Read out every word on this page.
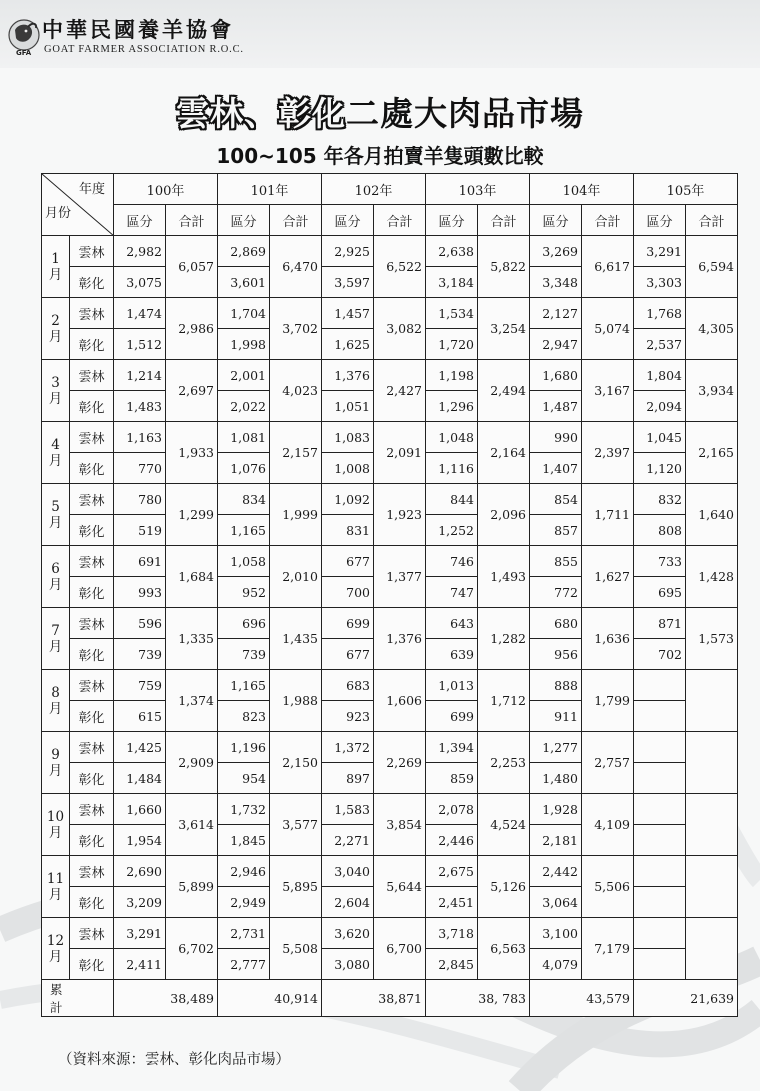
GFA
中華民國養羊協會
GOAT FARMER ASSOCIATION R.O.C.
雲林、彰化二處大肉品市場
100~105 年各月拍賣羊隻頭數比較
年度
月份		100年		101年		102年		103年		104年		105年	
		區分	合計	區分	合計	區分	合計	區分	合計	區分	合計	區分	合計

1
月	雲林	2,982	6,057	2,869	6,470	2,925	6,522	2,638	5,822	3,269	6,617	3,291	6,594
	彰化	3,075		3,601		3,597		3,184		3,348		3,303	

2
月	雲林	1,474	2,986	1,704	3,702	1,457	3,082	1,534	3,254	2,127	5,074	1,768	4,305
	彰化	1,512		1,998		1,625		1,720		2,947		2,537	

3
月	雲林	1,214	2,697	2,001	4,023	1,376	2,427	1,198	2,494	1,680	3,167	1,804	3,934
	彰化	1,483		2,022		1,051		1,296		1,487		2,094	

4
月	雲林	1,163	1,933	1,081	2,157	1,083	2,091	1,048	2,164	990	2,397	1,045	2,165
	彰化	770		1,076		1,008		1,116		1,407		1,120	

5
月	雲林	780	1,299	834	1,999	1,092	1,923	844	2,096	854	1,711	832	1,640
	彰化	519		1,165		831		1,252		857		808	

6
月	雲林	691	1,684	1,058	2,010	677	1,377	746	1,493	855	1,627	733	1,428
	彰化	993		952		700		747		772		695	

7
月	雲林	596	1,335	696	1,435	699	1,376	643	1,282	680	1,636	871	1,573
	彰化	739		739		677		639		956		702	

8
月	雲林	759	1,374	1,165	1,988	683	1,606	1,013	1,712	888	1,799		
	彰化	615		823		923		699		911			

9
月	雲林	1,425	2,909	1,196	2,150	1,372	2,269	1,394	2,253	1,277	2,757		
	彰化	1,484		954		897		859		1,480			

10
月	雲林	1,660	3,614	1,732	3,577	1,583	3,854	2,078	4,524	1,928	4,109		
	彰化	1,954		1,845		2,271		2,446		2,181			

11
月	雲林	2,690	5,899	2,946	5,895	3,040	5,644	2,675	5,126	2,442	5,506		
	彰化	3,209		2,949		2,604		2,451		3,064			

12
月	雲林	3,291	6,702	2,731	5,508	3,620	6,700	3,718	6,563	3,100	7,179		
	彰化	2,411		2,777		3,080		2,845		4,079			
累 計		38,489		40,914		38,871		38, 783		43,579		21,639	
（資料來源：雲林、彰化肉品市場）
